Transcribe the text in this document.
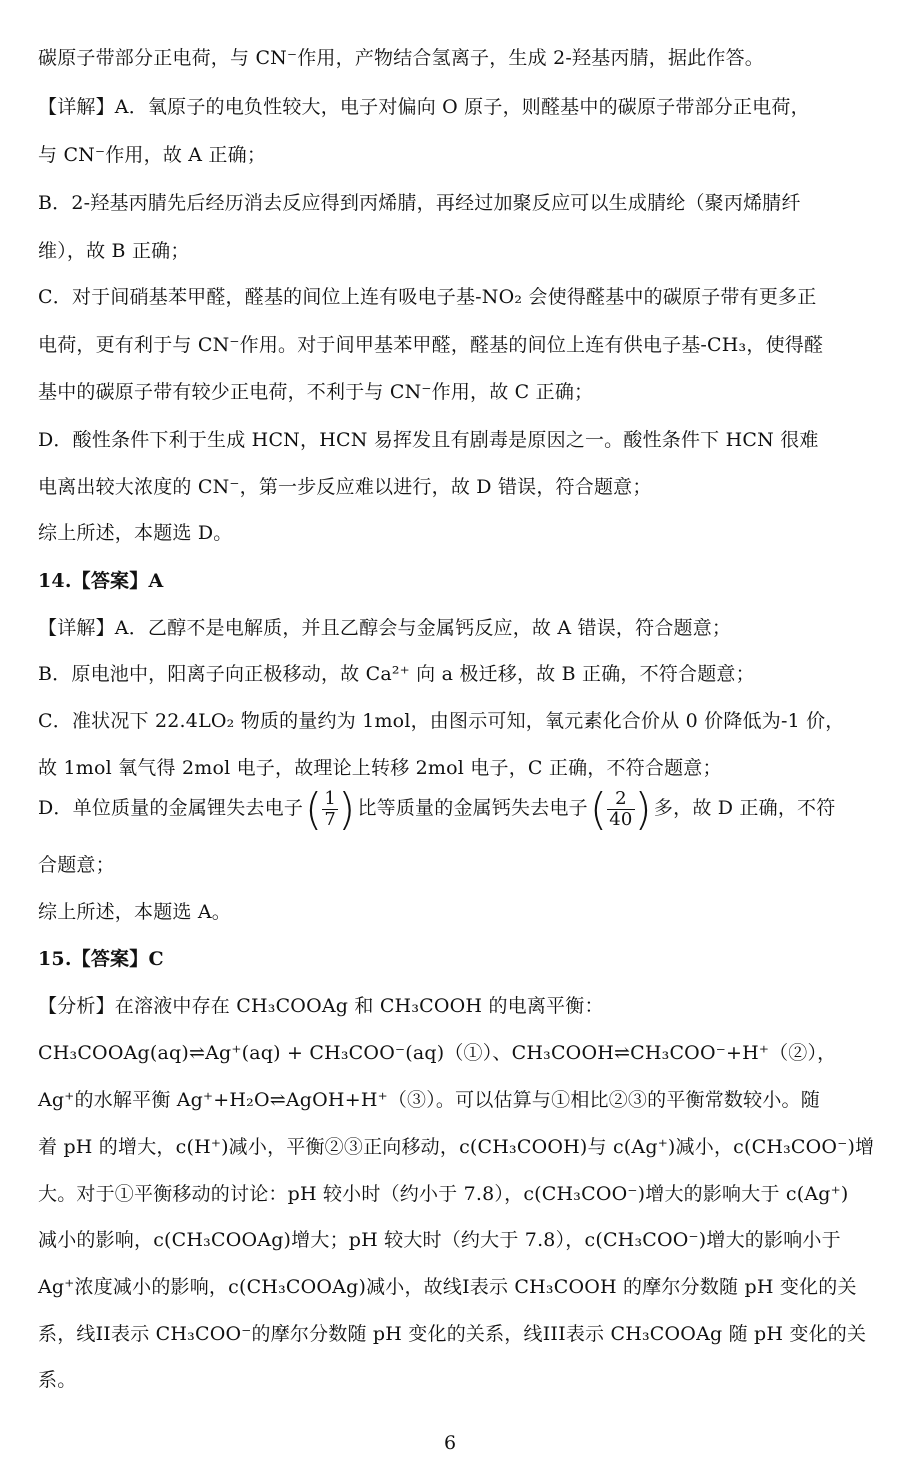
碳原子带部分正电荷，与 CN⁻作用，产物结合氢离子，生成 2-羟基丙腈，据此作答。
【详解】A．氧原子的电负性较大，电子对偏向 O 原子，则醛基中的碳原子带部分正电荷，
与 CN⁻作用，故 A 正确；
B．2-羟基丙腈先后经历消去反应得到丙烯腈，再经过加聚反应可以生成腈纶（聚丙烯腈纤
维），故 B 正确；
C．对于间硝基苯甲醛，醛基的间位上连有吸电子基-NO₂ 会使得醛基中的碳原子带有更多正
电荷，更有利于与 CN⁻作用。对于间甲基苯甲醛，醛基的间位上连有供电子基-CH₃，使得醛
基中的碳原子带有较少正电荷，不利于与 CN⁻作用，故 C 正确；
D．酸性条件下利于生成 HCN，HCN 易挥发且有剧毒是原因之一。酸性条件下 HCN 很难
电离出较大浓度的 CN⁻，第一步反应难以进行，故 D 错误，符合题意；
综上所述，本题选 D。
14.【答案】A
【详解】A．乙醇不是电解质，并且乙醇会与金属钙反应，故 A 错误，符合题意；
B．原电池中，阳离子向正极移动，故 Ca²⁺ 向 a 极迁移，故 B 正确，不符合题意；
C．准状况下 22.4LO₂ 物质的量约为 1mol，由图示可知，氧元素化合价从 0 价降低为-1 价，
故 1mol 氧气得 2mol 电子，故理论上转移 2mol 电子，C 正确，不符合题意；
D．单位质量的金属锂失去电子( $\frac{1}{7}$ ) 比等质量的金属钙失去电子( $\frac{2}{40}$ ) 多，故 D 正确，不符
合题意；
综上所述，本题选 A。
15.【答案】C
【分析】在溶液中存在 CH₃COOAg 和 CH₃COOH 的电离平衡：
CH₃COOAg(aq)⇌Ag⁺(aq) + CH₃COO⁻(aq)（①）、CH₃COOH⇌CH₃COO⁻+H⁺（②），
Ag⁺的水解平衡 Ag⁺+H₂O⇌AgOH+H⁺（③）。可以估算与①相比②③的平衡常数较小。随
着 pH 的增大，c(H⁺)减小，平衡②③正向移动，c(CH₃COOH)与 c(Ag⁺)减小，c(CH₃COO⁻)增
大。对于①平衡移动的讨论：pH 较小时（约小于 7.8），c(CH₃COO⁻)增大的影响大于 c(Ag⁺)
减小的影响，c(CH₃COOAg)增大；pH 较大时（约大于 7.8），c(CH₃COO⁻)增大的影响小于
Ag⁺浓度减小的影响，c(CH₃COOAg)减小，故线I表示 CH₃COOH 的摩尔分数随 pH 变化的关
系，线II表示 CH₃COO⁻的摩尔分数随 pH 变化的关系，线III表示 CH₃COOAg 随 pH 变化的关
系。
6
